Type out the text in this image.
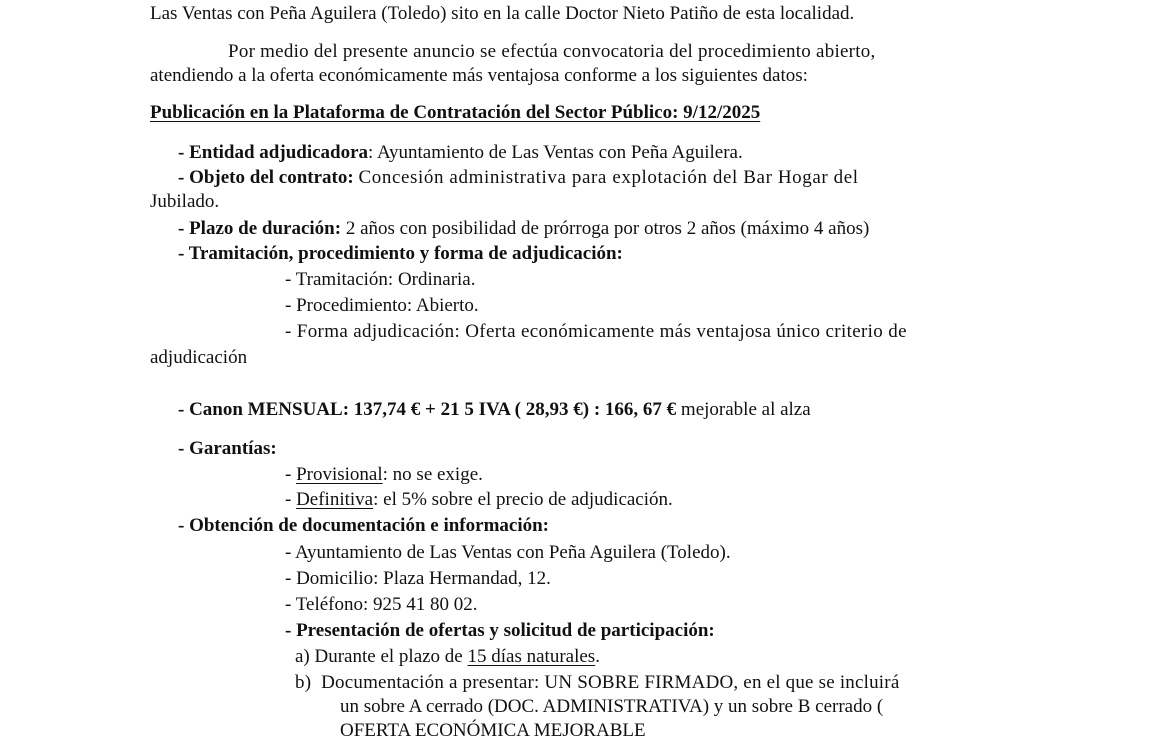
Las Ventas con Peña Aguilera (Toledo) sito en la calle Doctor Nieto Patiño de esta localidad.
Por medio del presente anuncio se efectúa convocatoria del procedimiento abierto,
atendiendo a la oferta económicamente más ventajosa conforme a los siguientes datos:
Publicación en la Plataforma de Contratación del Sector Público: 9/12/2025
- Entidad adjudicadora: Ayuntamiento de Las Ventas con Peña Aguilera.
- Objeto del contrato: Concesión administrativa para explotación del Bar Hogar del
Jubilado.
- Plazo de duración: 2 años con posibilidad de prórroga por otros 2 años (máximo 4 años)
- Tramitación, procedimiento y forma de adjudicación:
- Tramitación: Ordinaria.
- Procedimiento: Abierto.
- Forma adjudicación: Oferta económicamente más ventajosa único criterio de
adjudicación
- Canon MENSUAL: 137,74 € + 21 5 IVA ( 28,93 €) : 166, 67 € mejorable al alza
- Garantías:
- Provisional: no se exige.
- Definitiva: el 5% sobre el precio de adjudicación.
- Obtención de documentación e información:
- Ayuntamiento de Las Ventas con Peña Aguilera (Toledo).
- Domicilio: Plaza Hermandad, 12.
- Teléfono: 925 41 80 02.
- Presentación de ofertas y solicitud de participación:
a) Durante el plazo de 15 días naturales.
b)  Documentación a presentar: UN SOBRE FIRMADO, en el que se incluirá
un sobre A cerrado (DOC. ADMINISTRATIVA) y un sobre B cerrado (
OFERTA ECONÓMICA MEJORABLE
